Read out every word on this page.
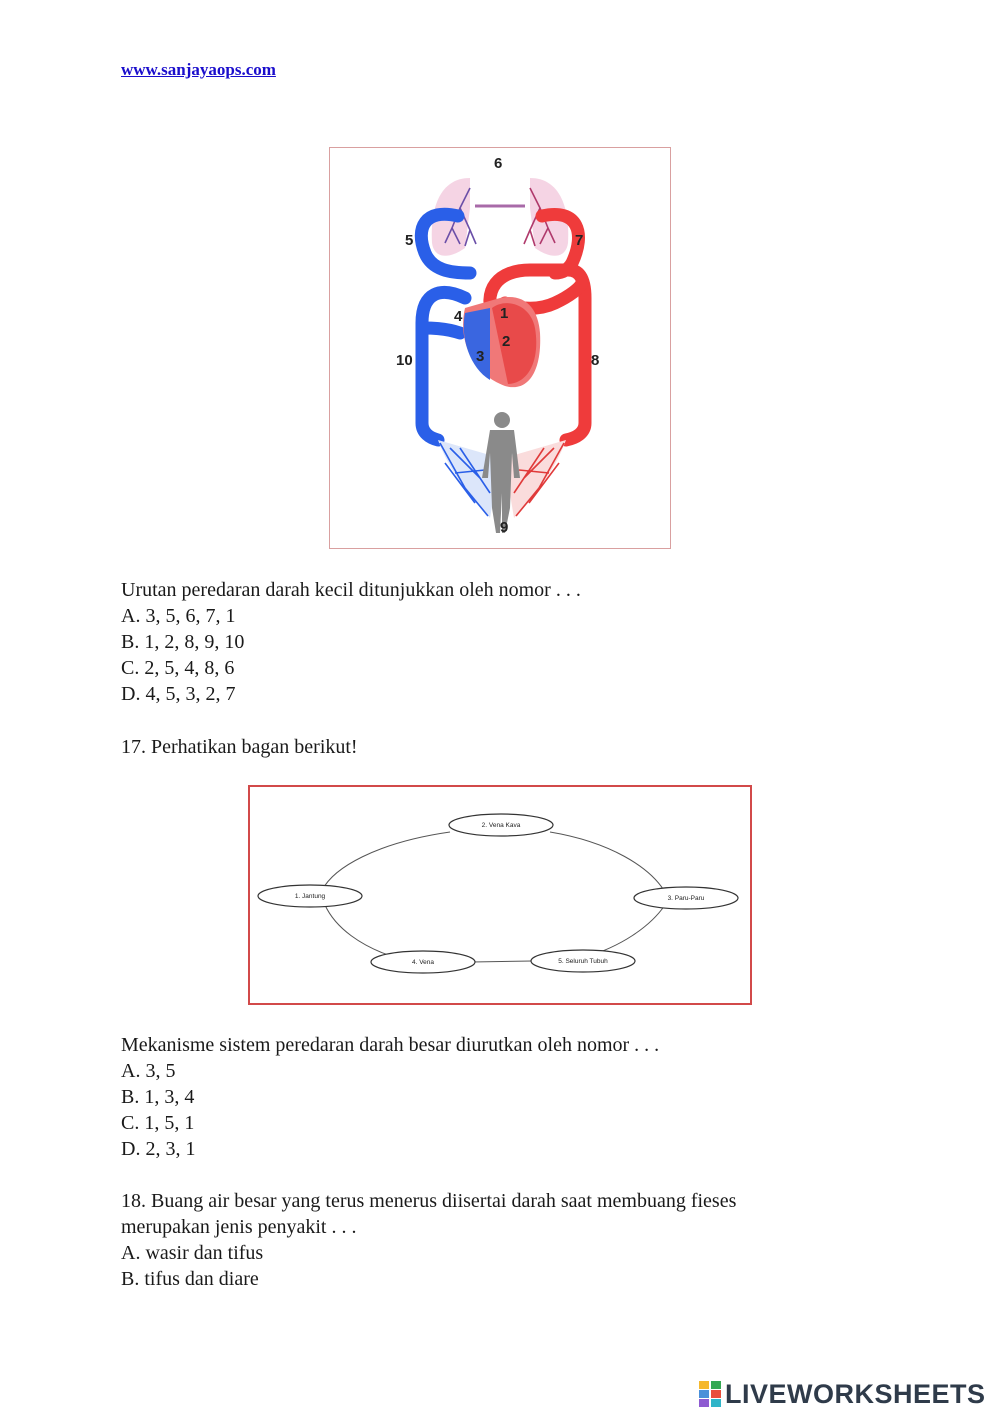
www.sanjayaops.com
6
5	7
1
4
2
3
10	8
9
Urutan peredaran darah kecil ditunjukkan oleh nomor . . .
A. 3, 5, 6, 7, 1
B. 1, 2, 8, 9, 10
C. 2, 5, 4, 8, 6
D. 4, 5, 3, 2, 7
17. Perhatikan bagan berikut!
2. Vena Kava
1. Jantung	3. Paru-Paru
4. Vena	5. Seluruh Tubuh
Mekanisme sistem peredaran darah besar diurutkan oleh nomor . . .
A. 3, 5
B. 1, 3, 4
C. 1, 5, 1
D. 2, 3, 1
18. Buang air besar yang terus menerus diisertai darah saat membuang fieses
merupakan jenis penyakit . . .
A. wasir dan tifus
B. tifus dan diare
LIVEWORKSHEETS
